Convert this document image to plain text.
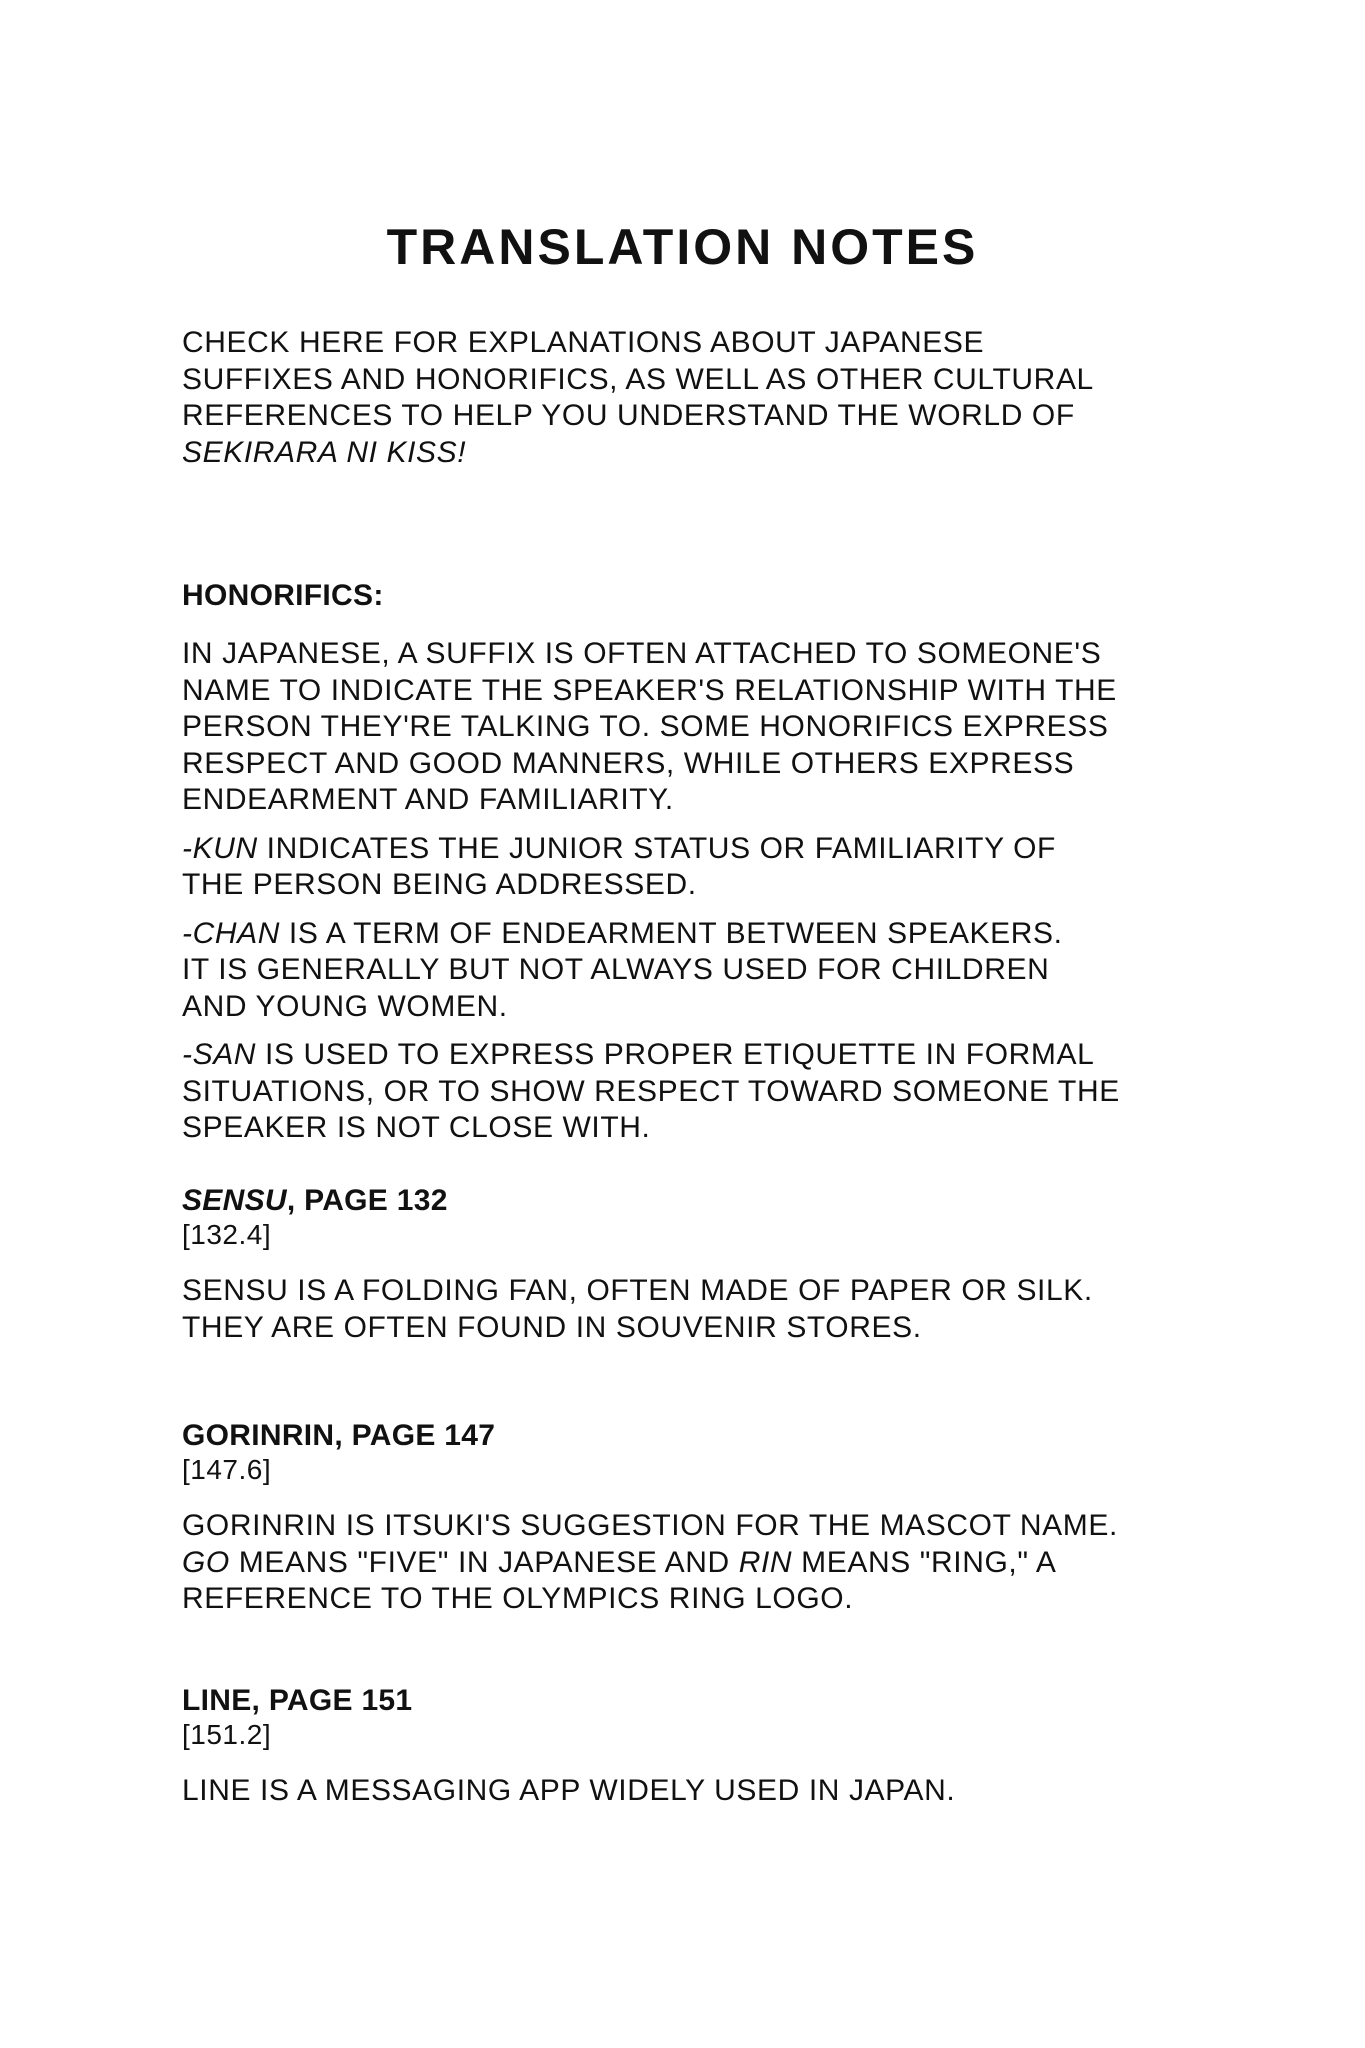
TRANSLATION NOTES

CHECK HERE FOR EXPLANATIONS ABOUT JAPANESE SUFFIXES AND HONORIFICS, AS WELL AS OTHER CULTURAL REFERENCES TO HELP YOU UNDERSTAND THE WORLD OF SEKIRARA NI KISS!

HONORIFICS:

IN JAPANESE, A SUFFIX IS OFTEN ATTACHED TO SOMEONE'S NAME TO INDICATE THE SPEAKER'S RELATIONSHIP WITH THE PERSON THEY'RE TALKING TO. SOME HONORIFICS EXPRESS RESPECT AND GOOD MANNERS, WHILE OTHERS EXPRESS ENDEARMENT AND FAMILIARITY.

-KUN INDICATES THE JUNIOR STATUS OR FAMILIARITY OF THE PERSON BEING ADDRESSED.

-CHAN IS A TERM OF ENDEARMENT BETWEEN SPEAKERS. IT IS GENERALLY BUT NOT ALWAYS USED FOR CHILDREN AND YOUNG WOMEN.

-SAN IS USED TO EXPRESS PROPER ETIQUETTE IN FORMAL SITUATIONS, OR TO SHOW RESPECT TOWARD SOMEONE THE SPEAKER IS NOT CLOSE WITH.

SENSU, PAGE 132

[132.4]

SENSU IS A FOLDING FAN, OFTEN MADE OF PAPER OR SILK. THEY ARE OFTEN FOUND IN SOUVENIR STORES.

GORINRIN, PAGE 147

[147.6]

GORINRIN IS ITSUKI'S SUGGESTION FOR THE MASCOT NAME. GO MEANS "FIVE" IN JAPANESE AND RIN MEANS "RING," A REFERENCE TO THE OLYMPICS RING LOGO.

LINE, PAGE 151

[151.2]

LINE IS A MESSAGING APP WIDELY USED IN JAPAN.
